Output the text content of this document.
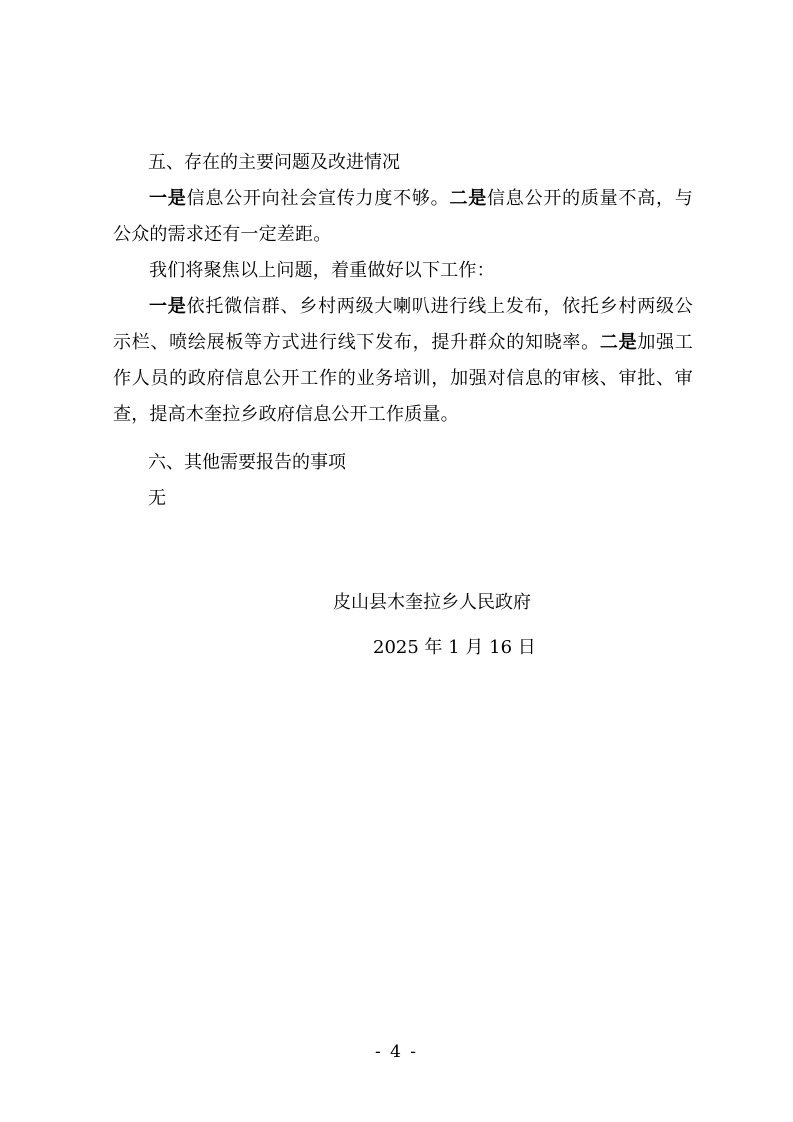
五、存在的主要问题及改进情况

一是信息公开向社会宣传力度不够。二是信息公开的质量不高，与公众的需求还有一定差距。

我们将聚焦以上问题，着重做好以下工作：

一是依托微信群、乡村两级大喇叭进行线上发布，依托乡村两级公示栏、喷绘展板等方式进行线下发布，提升群众的知晓率。二是加强工作人员的政府信息公开工作的业务培训，加强对信息的审核、审批、审查，提高木奎拉乡政府信息公开工作质量。

六、其他需要报告的事项
无
皮山县木奎拉乡人民政府
2025 年 1 月 16 日
- 4 -
